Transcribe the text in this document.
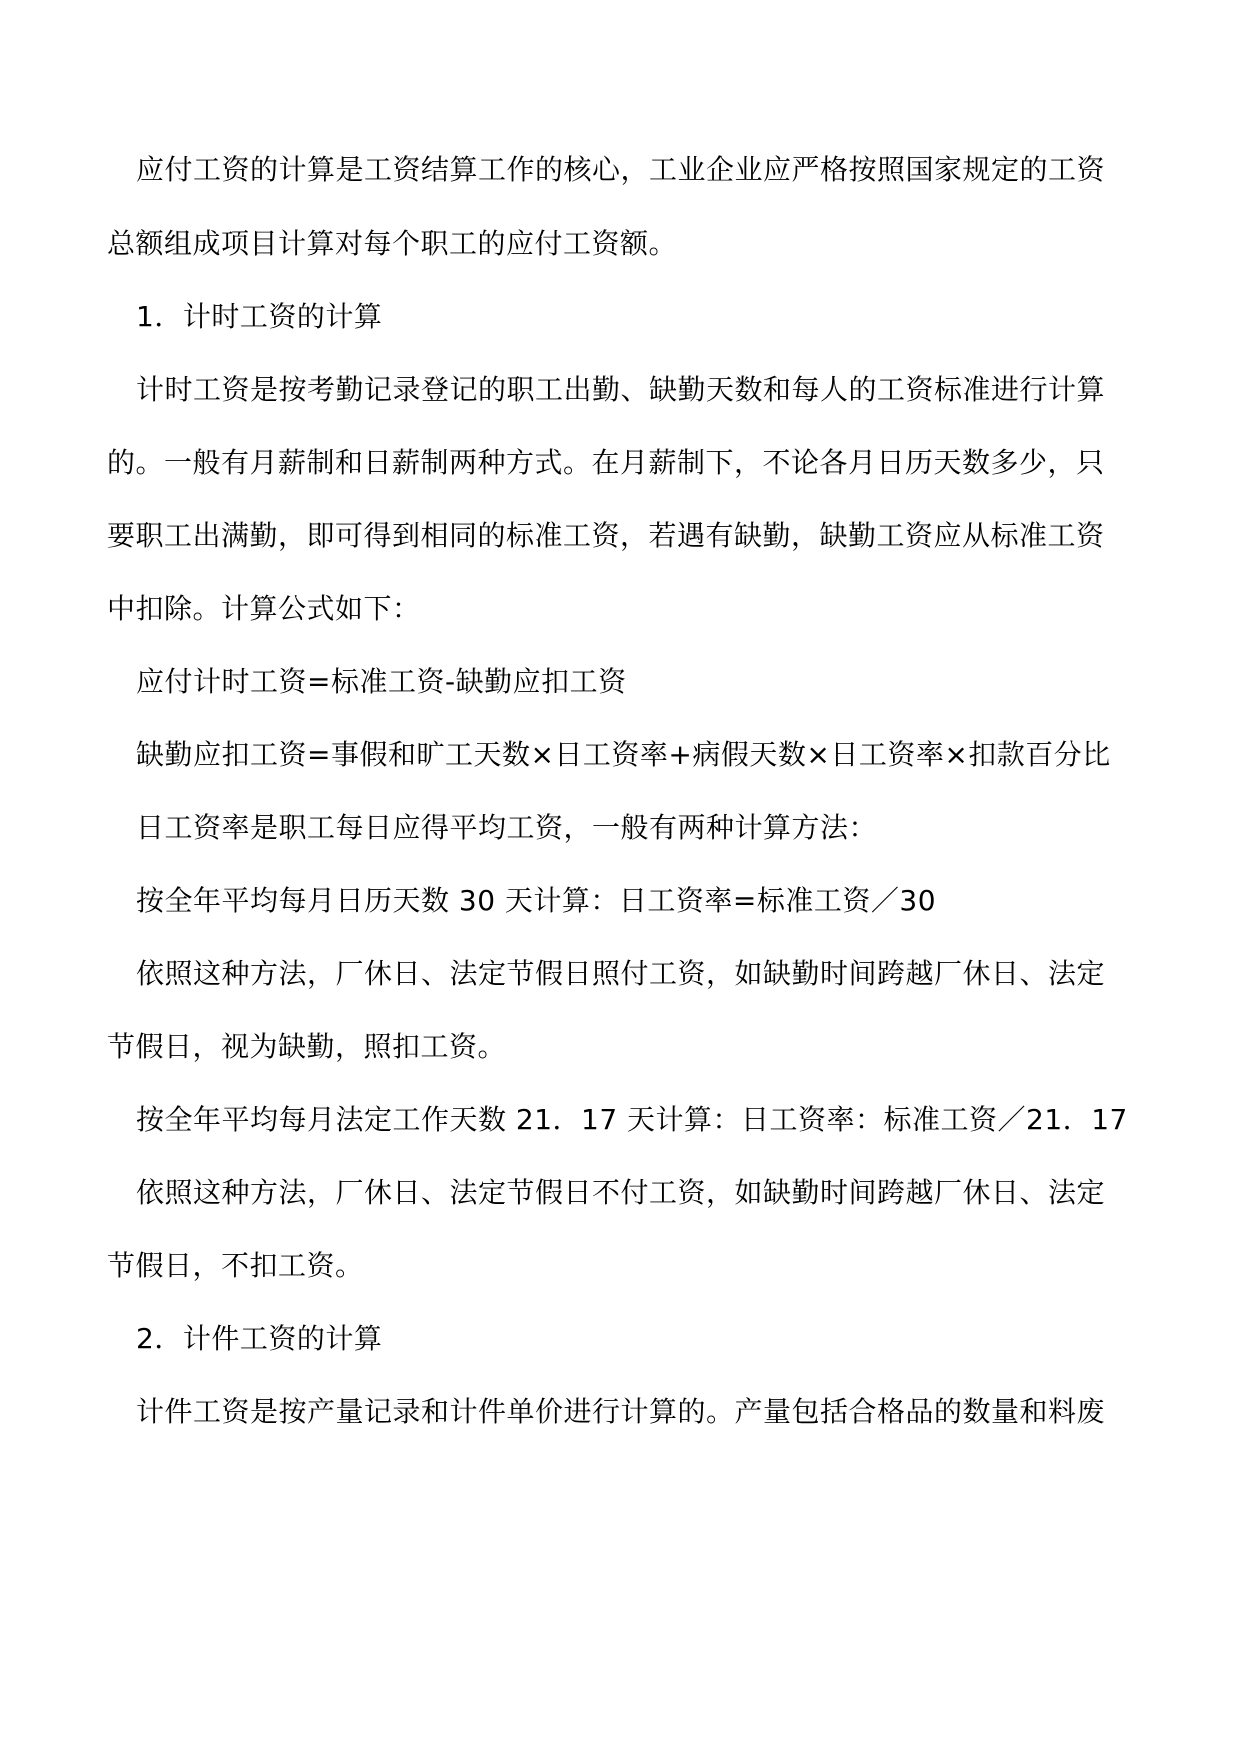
应付工资的计算是工资结算工作的核心，工业企业应严格按照国家规定的工资
总额组成项目计算对每个职工的应付工资额。
1．计时工资的计算
计时工资是按考勤记录登记的职工出勤、缺勤天数和每人的工资标准进行计算
的。一般有月薪制和日薪制两种方式。在月薪制下，不论各月日历天数多少，只
要职工出满勤，即可得到相同的标准工资，若遇有缺勤，缺勤工资应从标准工资
中扣除。计算公式如下：
应付计时工资=标准工资-缺勤应扣工资
缺勤应扣工资=事假和旷工天数×日工资率+病假天数×日工资率×扣款百分比
日工资率是职工每日应得平均工资，一般有两种计算方法：
按全年平均每月日历天数 30 天计算：日工资率=标准工资／30
依照这种方法，厂休日、法定节假日照付工资，如缺勤时间跨越厂休日、法定
节假日，视为缺勤，照扣工资。
按全年平均每月法定工作天数 21．17 天计算：日工资率：标准工资／21．17
依照这种方法，厂休日、法定节假日不付工资，如缺勤时间跨越厂休日、法定
节假日，不扣工资。
2．计件工资的计算
计件工资是按产量记录和计件单价进行计算的。产量包括合格品的数量和料废
